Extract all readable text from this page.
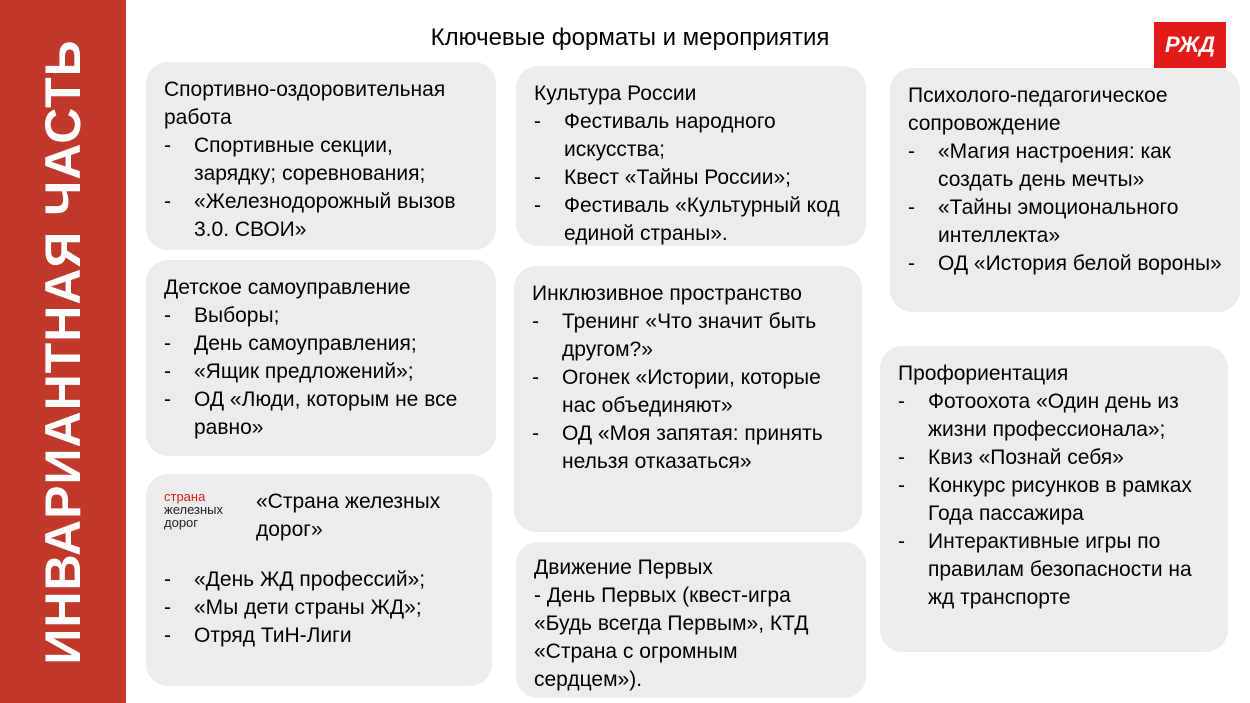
ИНВАРИАНТНАЯ ЧАСТЬ
Ключевые форматы и мероприятия	РЖД
Спортивно-оздоровительная работа
-	Спортивные секции, зарядку; соревнования;
-	«Железнодорожный вызов 3.0. СВОИ»
Детское самоуправление
-	Выборы;
-	День самоуправления;
-	«Ящик предложений»;
-	ОД «Люди, которым не все равно»
страна
железных
дорог
«Страна железных дорог»
-	«День ЖД профессий»;
-	«Мы дети страны ЖД»;
-	Отряд ТиН-Лиги
Культура России
-	Фестиваль народного искусства;
-	Квест «Тайны России»;
-	Фестиваль «Культурный код единой страны».
Инклюзивное пространство
-	Тренинг «Что значит быть другом?»
-	Огонек «Истории, которые нас объединяют»
-	ОД «Моя запятая: принять нельзя отказаться»
Движение Первых
- День Первых (квест-игра «Будь всегда Первым», КТД «Страна с огромным сердцем»).
Психолого-педагогическое сопровождение
-	«Магия настроения: как создать день мечты»
-	«Тайны эмоционального интеллекта»
-	ОД «История белой вороны»
Профориентация
-	Фотоохота «Один день из жизни профессионала»;
-	Квиз «Познай себя»
-	Конкурс рисунков в рамках Года пассажира
-	Интерактивные игры по правилам безопасности на жд транспорте
